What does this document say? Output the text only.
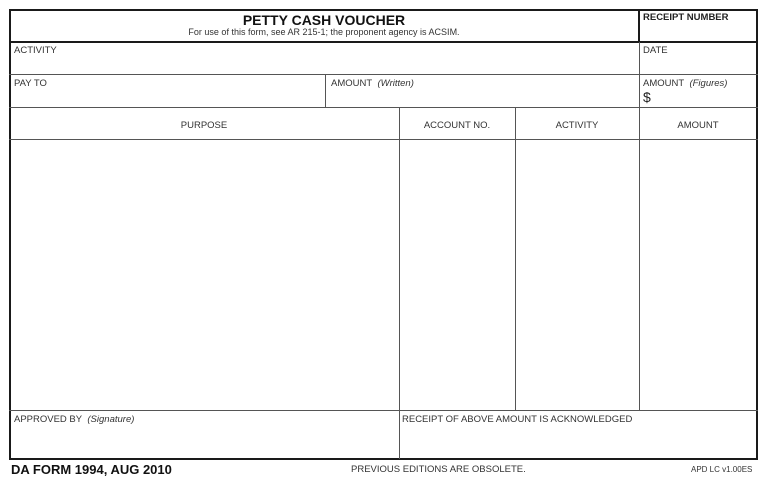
PETTY CASH VOUCHER
For use of this form, see AR 215-1; the proponent agency is ACSIM.
RECEIPT NUMBER
ACTIVITY	DATE
PAY TO	AMOUNT (Written)	AMOUNT (Figures)
$
PURPOSE	ACCOUNT NO.	ACTIVITY	AMOUNT
APPROVED BY (Signature)	RECEIPT OF ABOVE AMOUNT IS ACKNOWLEDGED
DA FORM 1994, AUG 2010	PREVIOUS EDITIONS ARE OBSOLETE.	APD LC v1.00ES
